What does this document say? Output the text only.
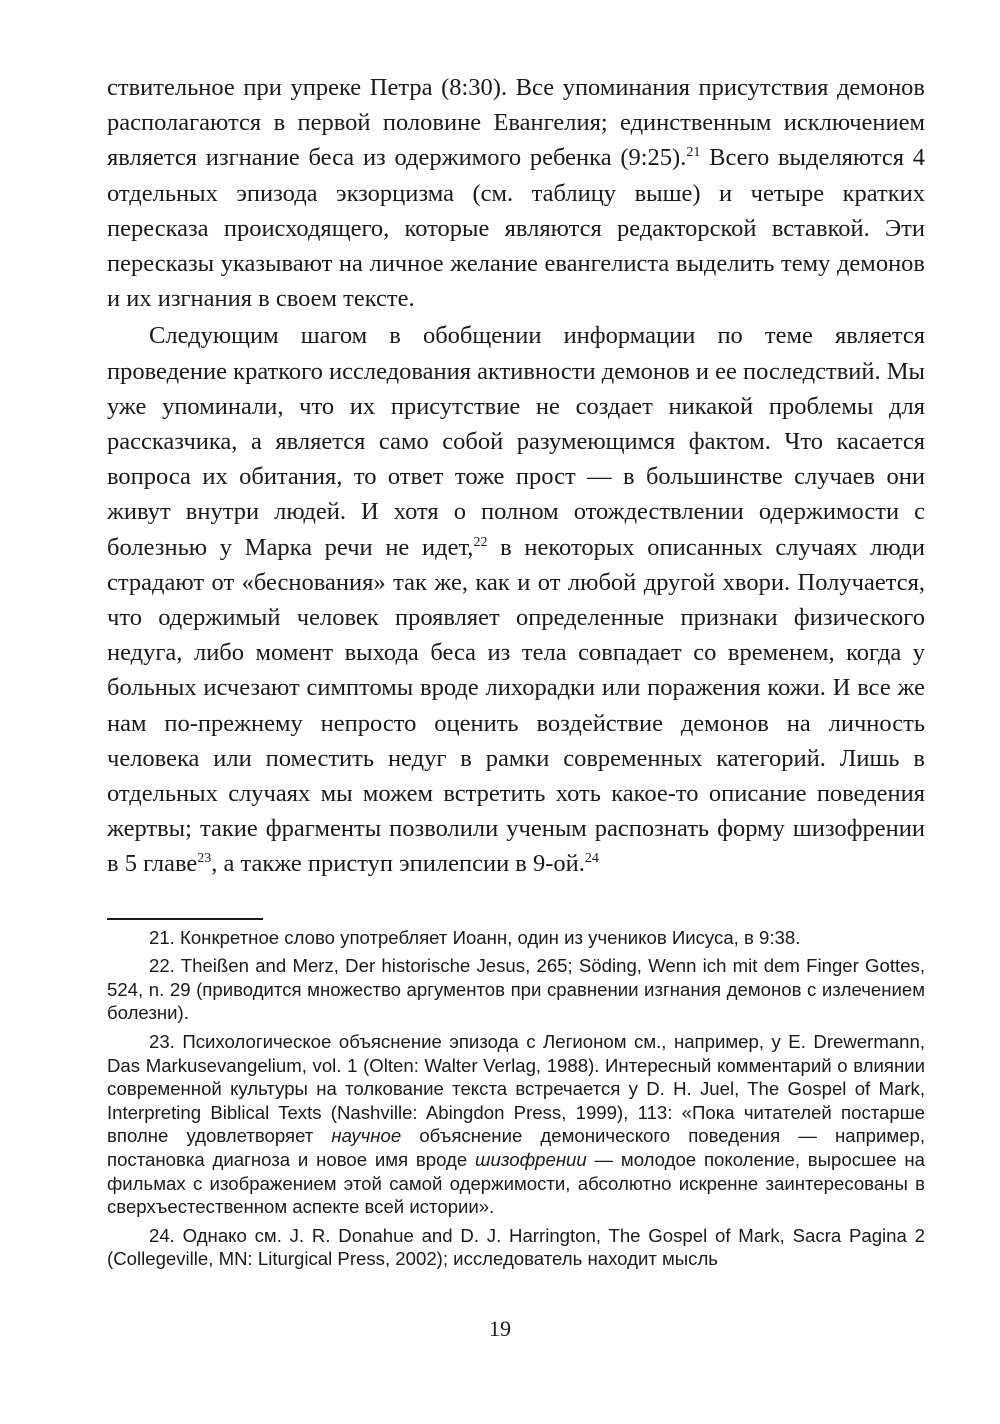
ствительное при упреке Петра (8:30). Все упоминания присутствия демонов располагаются в первой половине Евангелия; единственным исключением является изгнание беса из одержимого ребенка (9:25).$^{21}$ Всего выделяются 4 отдельных эпизода экзорцизма (см. таблицу выше) и четыре кратких пересказа происходящего, которые являются редакторской вставкой. Эти пересказы указывают на личное желание евангелиста выделить тему демонов и их изгнания в своем тексте.

Следующим шагом в обобщении информации по теме является проведение краткого исследования активности демонов и ее последствий. Мы уже упоминали, что их присутствие не создает никакой проблемы для рассказчика, а является само собой разумеющимся фактом. Что касается вопроса их обитания, то ответ тоже прост — в большинстве случаев они живут внутри людей. И хотя о полном отождествлении одержимости с болезнью у Марка речи не идет,$^{22}$ в некоторых описанных случаях люди страдают от «беснования» так же, как и от любой другой хвори. Получается, что одержимый человек проявляет определенные признаки физического недуга, либо момент выхода беса из тела совпадает со временем, когда у больных исчезают симптомы вроде лихорадки или поражения кожи. И все же нам по-прежнему непросто оценить воздействие демонов на личность человека или поместить недуг в рамки современных категорий. Лишь в отдельных случаях мы можем встретить хоть какое-то описание поведения жертвы; такие фрагменты позволили ученым распознать форму шизофрении в 5 главе$^{23}$, а также приступ эпилепсии в 9-ой.$^{24}$

21. Конкретное слово употребляет Иоанн, один из учеников Иисуса, в 9:38.

22. Theißen and Merz, Der historische Jesus, 265; Söding, Wenn ich mit dem Finger Gottes, 524, n. 29 (приводится множество аргументов при сравнении изгнания демонов с излечением болезни).

23. Психологическое объяснение эпизода с Легионом см., например, у E. Drewermann, Das Markusevangelium, vol. 1 (Olten: Walter Verlag, 1988). Интересный комментарий о влиянии современной культуры на толкование текста встречается у D. H. Juel, The Gospel of Mark, Interpreting Biblical Texts (Nashville: Abingdon Press, 1999), 113: «Пока читателей постарше вполне удовлетворяет научное объяснение демонического поведения — например, постановка диагноза и новое имя вроде шизофрении — молодое поколение, выросшее на фильмах с изображением этой самой одержимости, абсолютно искренне заинтересованы в сверхъестественном аспекте всей истории».

24. Однако см. J. R. Donahue and D. J. Harrington, The Gospel of Mark, Sacra Pagina 2 (Collegeville, MN: Liturgical Press, 2002); исследователь находит мысль

19
